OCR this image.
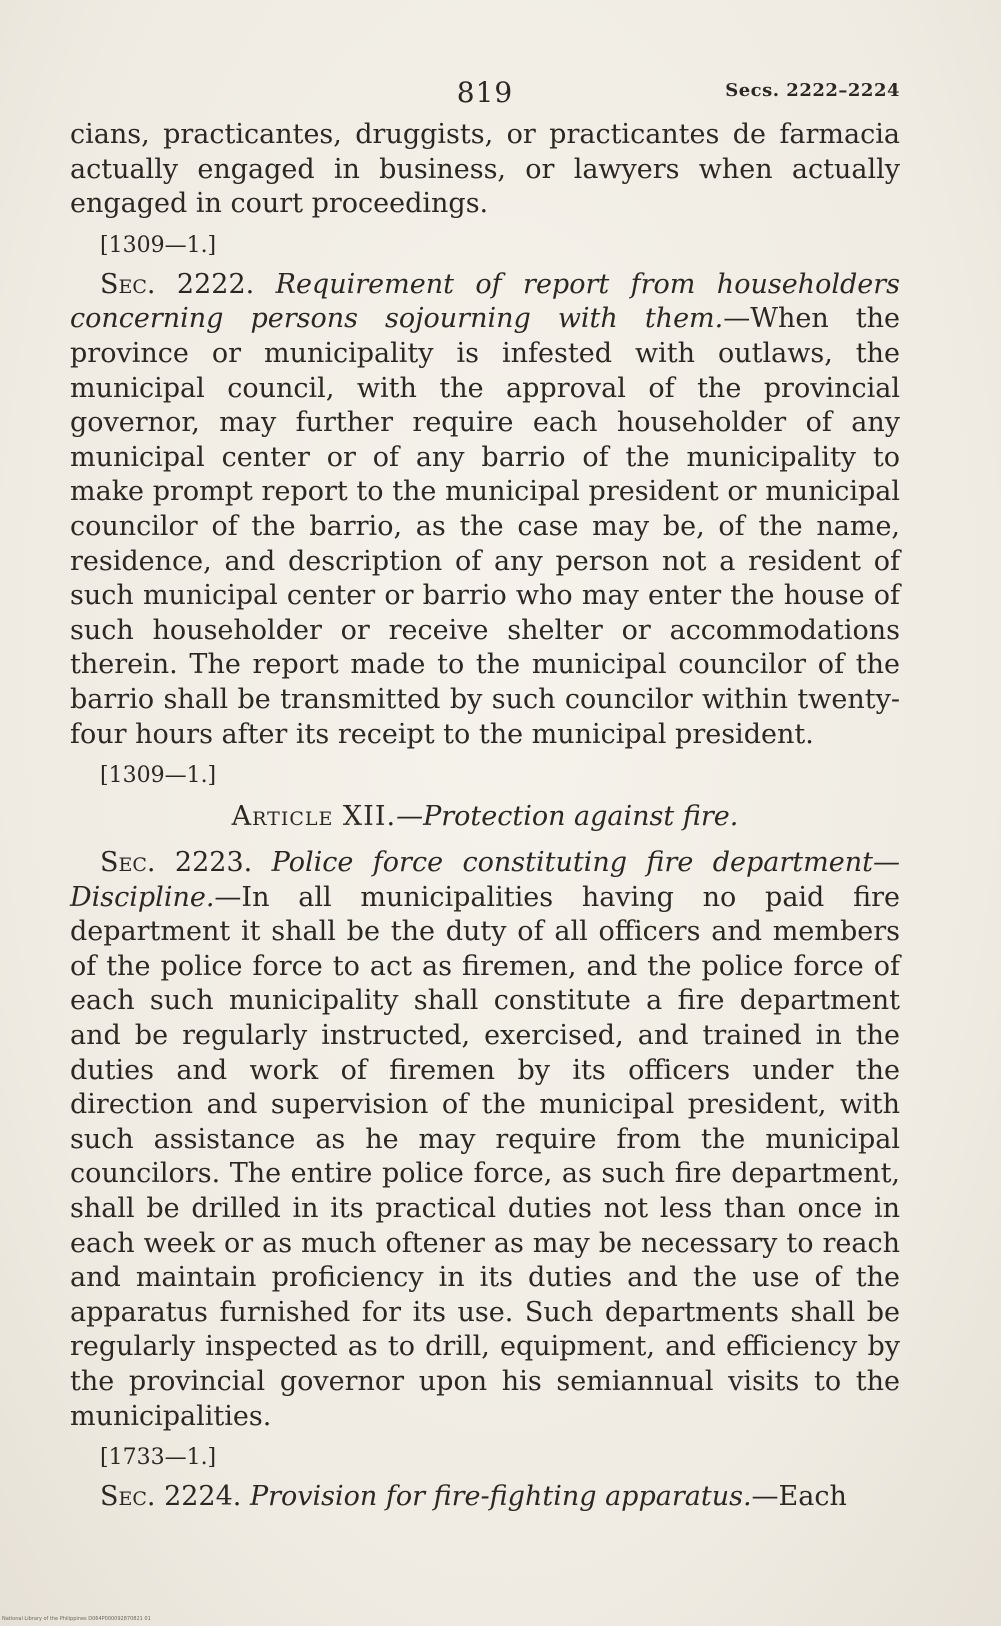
819	Secs. 2222–2224

cians, practicantes, druggists, or practicantes de farmacia actually engaged in business, or lawyers when actually engaged in court proceedings.

[1309—1.]

Sec. 2222. Requirement of report from householders concerning persons sojourning with them.—When the province or municipality is infested with outlaws, the municipal council, with the approval of the provincial governor, may further require each householder of any municipal center or of any barrio of the municipality to make prompt report to the municipal president or municipal councilor of the barrio, as the case may be, of the name, residence, and description of any person not a resident of such municipal center or barrio who may enter the house of such householder or receive shelter or accommodations therein. The report made to the municipal councilor of the barrio shall be transmitted by such councilor within twenty-four hours after its receipt to the municipal president.

[1309—1.]
Article XII.—Protection against fire.

Sec. 2223. Police force constituting fire department—Discipline.—In all municipalities having no paid fire department it shall be the duty of all officers and members of the police force to act as firemen, and the police force of each such municipality shall constitute a fire department and be regularly instructed, exercised, and trained in the duties and work of firemen by its officers under the direction and supervision of the municipal president, with such assistance as he may require from the municipal councilors. The entire police force, as such fire department, shall be drilled in its practical duties not less than once in each week or as much oftener as may be necessary to reach and maintain proficiency in its duties and the use of the apparatus furnished for its use. Such departments shall be regularly inspected as to drill, equipment, and efficiency by the provincial governor upon his semiannual visits to the municipalities.

[1733—1.]

Sec. 2224. Provision for fire-fighting apparatus.—Each

National Library of the Philippines D064P000092870821 01
